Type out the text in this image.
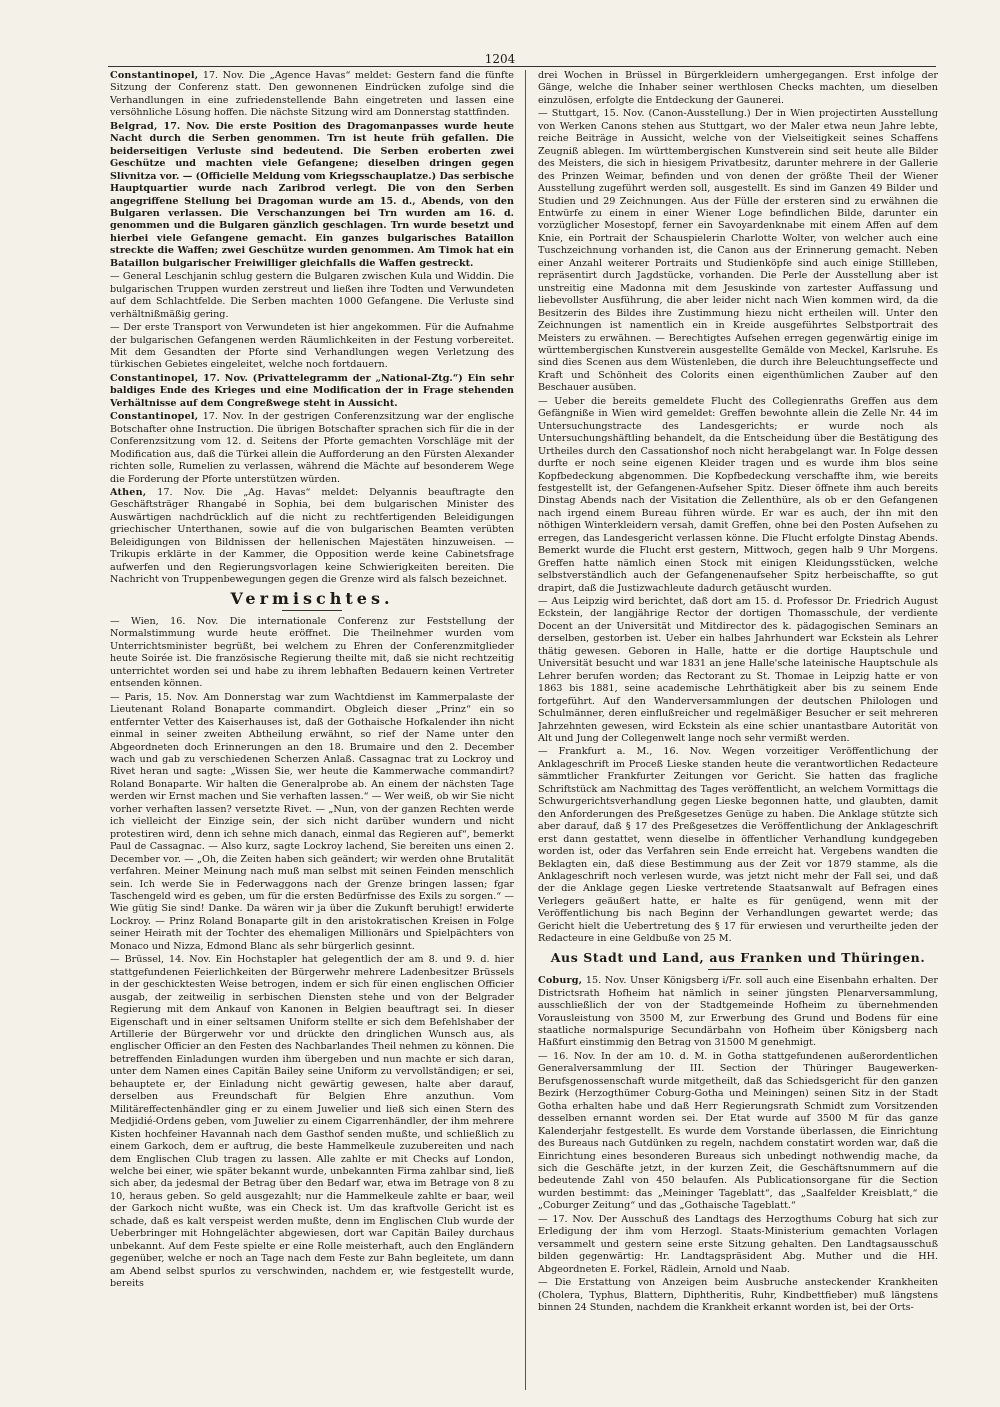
1204

Constantinopel, 17. Nov. Die „Agence Havas“ meldet: Gestern fand die fünfte Sitzung der Conferenz statt. Den gewonnenen Eindrücken zufolge sind die Verhandlungen in eine zufriedenstellende Bahn eingetreten und lassen eine versöhnliche Lösung hoffen. Die nächste Sitzung wird am Donnerstag stattfinden.

Belgrad, 17. Nov. Die erste Position des Dragomanpasses wurde heute Nacht durch die Serben genommen. Trn ist heute früh gefallen. Die beiderseitigen Verluste sind bedeutend. Die Serben eroberten zwei Geschütze und machten viele Gefangene; dieselben dringen gegen Slivnitza vor. — (Officielle Meldung vom Kriegsschauplatze.) Das serbische Hauptquartier wurde nach Zaribrod verlegt. Die von den Serben angegriffene Stellung bei Dragoman wurde am 15. d., Abends, von den Bulgaren verlassen. Die Verschanzungen bei Trn wurden am 16. d. genommen und die Bulgaren gänzlich geschlagen. Trn wurde besetzt und hierbei viele Gefangene gemacht. Ein ganzes bulgarisches Bataillon streckte die Waffen; zwei Geschütze wurden genommen. Am Timok hat ein Bataillon bulgarischer Freiwilliger gleichfalls die Waffen gestreckt.

— General Leschjanin schlug gestern die Bulgaren zwischen Kula und Widdin. Die bulgarischen Truppen wurden zerstreut und ließen ihre Todten und Verwundeten auf dem Schlachtfelde. Die Serben machten 1000 Gefangene. Die Verluste sind verhältnißmäßig gering.

— Der erste Transport von Verwundeten ist hier angekommen. Für die Aufnahme der bulgarischen Gefangenen werden Räumlichkeiten in der Festung vorbereitet. Mit dem Gesandten der Pforte sind Verhandlungen wegen Verletzung des türkischen Gebietes eingeleitet, welche noch fortdauern.

Constantinopel, 17. Nov. (Privattelegramm der „National-Ztg.“) Ein sehr baldiges Ende des Krieges und eine Modification der in Frage stehenden Verhältnisse auf dem Congreßwege steht in Aussicht.

Constantinopel, 17. Nov. In der gestrigen Conferenzsitzung war der englische Botschafter ohne Instruction. Die übrigen Botschafter sprachen sich für die in der Conferenzsitzung vom 12. d. Seitens der Pforte gemachten Vorschläge mit der Modification aus, daß die Türkei allein die Aufforderung an den Fürsten Alexander richten solle, Rumelien zu verlassen, während die Mächte auf besonderem Wege die Forderung der Pforte unterstützen würden.

Athen, 17. Nov. Die „Ag. Havas“ meldet: Delyannis beauftragte den Geschäftsträger Rhangabé in Sophia, bei dem bulgarischen Minister des Auswärtigen nachdrücklich auf die nicht zu rechtfertigenden Beleidigungen griechischer Unterthanen, sowie auf die von bulgarischen Beamten verübten Beleidigungen von Bildnissen der hellenischen Majestäten hinzuweisen. — Trikupis erklärte in der Kammer, die Opposition werde keine Cabinetsfrage aufwerfen und den Regierungsvorlagen keine Schwierigkeiten bereiten. Die Nachricht von Truppenbewegungen gegen die Grenze wird als falsch bezeichnet.

Vermischtes.

— Wien, 16. Nov. Die internationale Conferenz zur Feststellung der Normalstimmung wurde heute eröffnet. Die Theilnehmer wurden vom Unterrichtsminister begrüßt, bei welchem zu Ehren der Conferenzmitglieder heute Soirée ist. Die französische Regierung theilte mit, daß sie nicht rechtzeitig unterrichtet worden sei und habe zu ihrem lebhaften Bedauern keinen Vertreter entsenden können.

— Paris, 15. Nov. Am Donnerstag war zum Wachtdienst im Kammerpalaste der Lieutenant Roland Bonaparte commandirt. Obgleich dieser „Prinz“ ein so entfernter Vetter des Kaiserhauses ist, daß der Gothaische Hofkalender ihn nicht einmal in seiner zweiten Abtheilung erwähnt, so rief der Name unter den Abgeordneten doch Erinnerungen an den 18. Brumaire und den 2. December wach und gab zu verschiedenen Scherzen Anlaß. Cassagnac trat zu Lockroy und Rivet heran und sagte: „Wissen Sie, wer heute die Kammerwache commandirt? Roland Bonaparte. Wir halten die Generalprobe ab. An einem der nächsten Tage werden wir Ernst machen und Sie verhaften lassen.“ — Wer weiß, ob wir Sie nicht vorher verhaften lassen? versetzte Rivet. — „Nun, von der ganzen Rechten werde ich vielleicht der Einzige sein, der sich nicht darüber wundern und nicht protestiren wird, denn ich sehne mich danach, einmal das Regieren auf“, bemerkt Paul de Cassagnac. — Also kurz, sagte Lockroy lachend, Sie bereiten uns einen 2. December vor. — „Oh, die Zeiten haben sich geändert; wir werden ohne Brutalität verfahren. Meiner Meinung nach muß man selbst mit seinen Feinden menschlich sein. Ich werde Sie in Federwaggons nach der Grenze bringen lassen; fgar Taschengeld wird es geben, um für die ersten Bedürfnisse des Exils zu sorgen.“ — Wie gütig Sie sind! Danke. Da wären wir ja über die Zukunft beruhigt! erwiderte Lockroy. — Prinz Roland Bonaparte gilt in den aristokratischen Kreisen in Folge seiner Heirath mit der Tochter des ehemaligen Millionärs und Spielpächters von Monaco und Nizza, Edmond Blanc als sehr bürgerlich gesinnt.

— Brüssel, 14. Nov. Ein Hochstapler hat gelegentlich der am 8. und 9. d. hier stattgefundenen Feierlichkeiten der Bürgerwehr mehrere Ladenbesitzer Brüssels in der geschicktesten Weise betrogen, indem er sich für einen englischen Officier ausgab, der zeitweilig in serbischen Diensten stehe und von der Belgrader Regierung mit dem Ankauf von Kanonen in Belgien beauftragt sei. In dieser Eigenschaft und in einer seltsamen Uniform stellte er sich dem Befehlshaber der Artillerie der Bürgerwehr vor und drückte den dringlichen Wunsch aus, als englischer Officier an den Festen des Nachbarlandes Theil nehmen zu können. Die betreffenden Einladungen wurden ihm übergeben und nun machte er sich daran, unter dem Namen eines Capitän Bailey seine Uniform zu vervollständigen; er sei, behauptete er, der Einladung nicht gewärtig gewesen, halte aber darauf, derselben aus Freundschaft für Belgien Ehre anzuthun. Vom Militäreffectenhändler ging er zu einem Juwelier und ließ sich einen Stern des Medjidié-Ordens geben, vom Juwelier zu einem Cigarrenhändler, der ihm mehrere Kisten hochfeiner Havannah nach dem Gasthof senden mußte, und schließlich zu einem Garkoch, dem er auftrug, die beste Hammelkeule zuzubereiten und nach dem Englischen Club tragen zu lassen. Alle zahlte er mit Checks auf London, welche bei einer, wie später bekannt wurde, unbekannten Firma zahlbar sind, ließ sich aber, da jedesmal der Betrag über den Bedarf war, etwa im Betrage von 8 zu 10, heraus geben. So geld ausgezahlt; nur die Hammelkeule zahlte er baar, weil der Garkoch nicht wußte, was ein Check ist. Um das kraftvolle Gericht ist es schade, daß es kalt verspeist werden mußte, denn im Englischen Club wurde der Ueberbringer mit Hohngelächter abgewiesen, dort war Capitän Bailey durchaus unbekannt. Auf dem Feste spielte er eine Rolle meisterhaft, auch den Engländern gegenüber, welche er noch an Tage nach dem Feste zur Bahn begleitete, um dann am Abend selbst spurlos zu verschwinden, nachdem er, wie festgestellt wurde, bereits

drei Wochen in Brüssel in Bürgerkleidern umhergegangen. Erst infolge der Gänge, welche die Inhaber seiner werthlosen Checks machten, um dieselben einzulösen, erfolgte die Entdeckung der Gaunerei.

— Stuttgart, 15. Nov. (Canon-Ausstellung.) Der in Wien projectirten Ausstellung von Werken Canons stehen aus Stuttgart, wo der Maler etwa neun Jahre lebte, reiche Beiträge in Aussicht, welche von der Vielseitigkeit seines Schaffens Zeugniß ablegen. Im württembergischen Kunstverein sind seit heute alle Bilder des Meisters, die sich in hiesigem Privatbesitz, darunter mehrere in der Gallerie des Prinzen Weimar, befinden und von denen der größte Theil der Wiener Ausstellung zugeführt werden soll, ausgestellt. Es sind im Ganzen 49 Bilder und Studien und 29 Zeichnungen. Aus der Fülle der ersteren sind zu erwähnen die Entwürfe zu einem in einer Wiener Loge befindlichen Bilde, darunter ein vorzüglicher Mosestopf, ferner ein Savoyardenknabe mit einem Affen auf dem Knie, ein Portrait der Schauspielerin Charlotte Wolter, von welcher auch eine Tuschzeichnung vorhanden ist, die Canon aus der Erinnerung gemacht. Neben einer Anzahl weiterer Portraits und Studienköpfe sind auch einige Stillleben, repräsentirt durch Jagdstücke, vorhanden. Die Perle der Ausstellung aber ist unstreitig eine Madonna mit dem Jesuskinde von zartester Auffassung und liebevollster Ausführung, die aber leider nicht nach Wien kommen wird, da die Besitzerin des Bildes ihre Zustimmung hiezu nicht ertheilen will. Unter den Zeichnungen ist namentlich ein in Kreide ausgeführtes Selbstportrait des Meisters zu erwähnen. — Berechtigtes Aufsehen erregen gegenwärtig einige im württembergischen Kunstverein ausgestellte Gemälde von Meckel, Karlsruhe. Es sind dies Scenen aus dem Wüstenleben, die durch ihre Beleuchtungseffecte und Kraft und Schönheit des Colorits einen eigenthümlichen Zauber auf den Beschauer ausüben.

— Ueber die bereits gemeldete Flucht des Collegienraths Greffen aus dem Gefängniße in Wien wird gemeldet: Greffen bewohnte allein die Zelle Nr. 44 im Untersuchungstracte des Landesgerichts; er wurde noch als Untersuchungshäftling behandelt, da die Entscheidung über die Bestätigung des Urtheiles durch den Cassationshof noch nicht herabgelangt war. In Folge dessen durfte er noch seine eigenen Kleider tragen und es wurde ihm blos seine Kopfbedeckung abgenommen. Die Kopfbedeckung verschaffte ihm, wie bereits festgestellt ist, der Gefangenen-Aufseher Spitz. Dieser öffnete ihm auch bereits Dinstag Abends nach der Visitation die Zellenthüre, als ob er den Gefangenen nach irgend einem Bureau führen würde. Er war es auch, der ihn mit den nöthigen Winterkleidern versah, damit Greffen, ohne bei den Posten Aufsehen zu erregen, das Landesgericht verlassen könne. Die Flucht erfolgte Dinstag Abends. Bemerkt wurde die Flucht erst gestern, Mittwoch, gegen halb 9 Uhr Morgens. Greffen hatte nämlich einen Stock mit einigen Kleidungsstücken, welche selbstverständlich auch der Gefangenenaufseher Spitz herbeischaffte, so gut drapirt, daß die Justizwachleute dadurch getäuscht wurden.

— Aus Leipzig wird berichtet, daß dort am 15. d. Professor Dr. Friedrich August Eckstein, der langjährige Rector der dortigen Thomasschule, der verdiente Docent an der Universität und Mitdirector des k. pädagogischen Seminars an derselben, gestorben ist. Ueber ein halbes Jahrhundert war Eckstein als Lehrer thätig gewesen. Geboren in Halle, hatte er die dortige Hauptschule und Universität besucht und war 1831 an jene Halle'sche lateinische Hauptschule als Lehrer berufen worden; das Rectorant zu St. Thomae in Leipzig hatte er von 1863 bis 1881, seine academische Lehrthätigkeit aber bis zu seinem Ende fortgeführt. Auf den Wanderversammlungen der deutschen Philologen und Schulmänner, deren einflußreicher und regelmäßiger Besucher er seit mehreren Jahrzehnten gewesen, wird Eckstein als eine schier unantastbare Autorität von Alt und Jung der Collegenwelt lange noch sehr vermißt werden.

— Frankfurt a. M., 16. Nov. Wegen vorzeitiger Veröffentlichung der Anklageschrift im Proceß Lieske standen heute die verantwortlichen Redacteure sämmtlicher Frankfurter Zeitungen vor Gericht. Sie hatten das fragliche Schriftstück am Nachmittag des Tages veröffentlicht, an welchem Vormittags die Schwurgerichtsverhandlung gegen Lieske begonnen hatte, und glaubten, damit den Anforderungen des Preßgesetzes Genüge zu haben. Die Anklage stützte sich aber darauf, daß § 17 des Preßgesetzes die Veröffentlichung der Anklageschrift erst dann gestattet, wenn dieselbe in öffentlicher Verhandlung kundgegeben worden ist, oder das Verfahren sein Ende erreicht hat. Vergebens wandten die Beklagten ein, daß diese Bestimmung aus der Zeit vor 1879 stamme, als die Anklageschrift noch verlesen wurde, was jetzt nicht mehr der Fall sei, und daß der die Anklage gegen Lieske vertretende Staatsanwalt auf Befragen eines Verlegers geäußert hatte, er halte es für genügend, wenn mit der Veröffentlichung bis nach Beginn der Verhandlungen gewartet werde; das Gericht hielt die Uebertretung des § 17 für erwiesen und verurtheilte jeden der Redacteure in eine Geldbuße von 25 M.

Aus Stadt und Land, aus Franken und Thüringen.

Coburg, 15. Nov. Unser Königsberg i/Fr. soll auch eine Eisenbahn erhalten. Der Districtsrath Hofheim hat nämlich in seiner jüngsten Plenarversammlung, ausschließlich der von der Stadtgemeinde Hofheim zu übernehmenden Vorausleistung von 3500 M, zur Erwerbung des Grund und Bodens für eine staatliche normalspurige Secundärbahn von Hofheim über Königsberg nach Haßfurt einstimmig den Betrag von 31500 M genehmigt.

— 16. Nov. In der am 10. d. M. in Gotha stattgefundenen außerordentlichen Generalversammlung der III. Section der Thüringer Baugewerken-Berufsgenossenschaft wurde mitgetheilt, daß das Schiedsgericht für den ganzen Bezirk (Herzogthümer Coburg-Gotha und Meiningen) seinen Sitz in der Stadt Gotha erhalten habe und daß Herr Regierungsrath Schmidt zum Vorsitzenden desselben ernannt worden sei. Der Etat wurde auf 3500 M für das ganze Kalenderjahr festgestellt. Es wurde dem Vorstande überlassen, die Einrichtung des Bureaus nach Gutdünken zu regeln, nachdem constatirt worden war, daß die Einrichtung eines besonderen Bureaus sich unbedingt nothwendig mache, da sich die Geschäfte jetzt, in der kurzen Zeit, die Geschäftsnummern auf die bedeutende Zahl von 450 belaufen. Als Publicationsorgane für die Section wurden bestimmt: das „Meininger Tageblatt“, das „Saalfelder Kreisblatt,“ die „Coburger Zeitung“ und das „Gothaische Tageblatt.“

— 17. Nov. Der Ausschuß des Landtags des Herzogthums Coburg hat sich zur Erledigung der ihm vom Herzogl. Staats-Ministerium gemachten Vorlagen versammelt und gestern seine erste Sitzung gehalten. Den Landtagsausschuß bilden gegenwärtig: Hr. Landtagspräsident Abg. Muther und die HH. Abgeordneten E. Forkel, Rädlein, Arnold und Naab.

— Die Erstattung von Anzeigen beim Ausbruche ansteckender Krankheiten (Cholera, Typhus, Blattern, Diphtheritis, Ruhr, Kindbettfieber) muß längstens binnen 24 Stunden, nachdem die Krankheit erkannt worden ist, bei der Orts-
